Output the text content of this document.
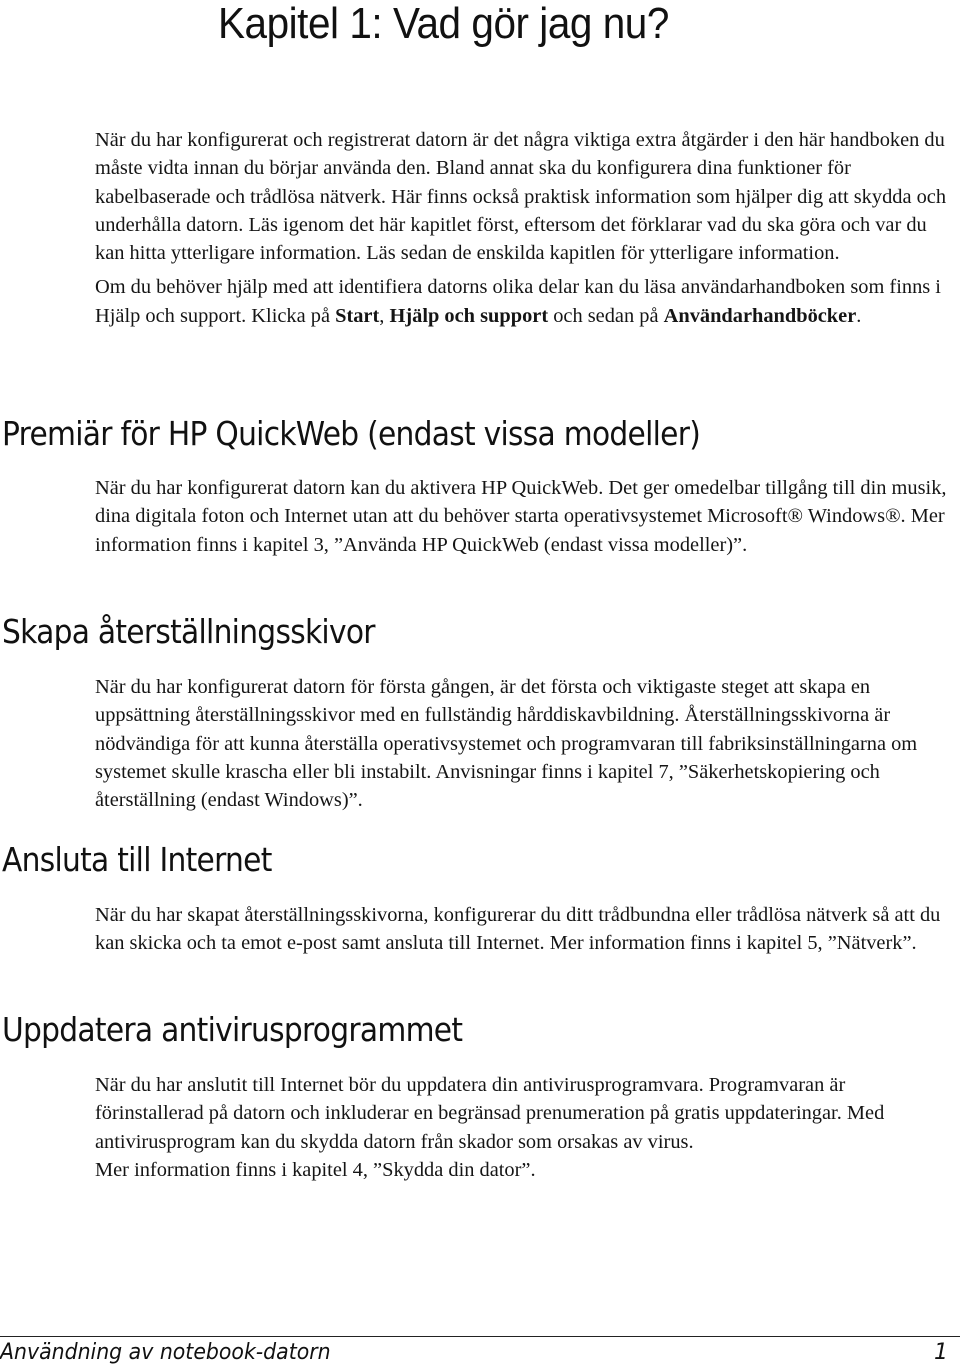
Kapitel 1: Vad gör jag nu?

När du har konfigurerat och registrerat datorn är det några viktiga extra åtgärder i den här handboken du måste vidta innan du börjar använda den. Bland annat ska du konfigurera dina funktioner för kabelbaserade och trådlösa nätverk. Här finns också praktisk information som hjälper dig att skydda och underhålla datorn. Läs igenom det här kapitlet först, eftersom det förklarar vad du ska göra och var du kan hitta ytterligare information. Läs sedan de enskilda kapitlen för ytterligare information.

Om du behöver hjälp med att identifiera datorns olika delar kan du läsa användarhandboken som finns i Hjälp och support. Klicka på Start, Hjälp och support och sedan på Användarhandböcker.

Premiär för HP QuickWeb (endast vissa modeller)

När du har konfigurerat datorn kan du aktivera HP QuickWeb. Det ger omedelbar tillgång till din musik, dina digitala foton och Internet utan att du behöver starta operativsystemet Microsoft® Windows®. Mer information finns i kapitel 3, ”Använda HP QuickWeb (endast vissa modeller)”.

Skapa återställningsskivor

När du har konfigurerat datorn för första gången, är det första och viktigaste steget att skapa en uppsättning återställningsskivor med en fullständig hårddiskavbildning. Återställningsskivorna är nödvändiga för att kunna återställa operativsystemet och programvaran till fabriksinställningarna om systemet skulle krascha eller bli instabilt. Anvisningar finns i kapitel 7, ”Säkerhetskopiering och återställning (endast Windows)”.

Ansluta till Internet

När du har skapat återställningsskivorna, konfigurerar du ditt trådbundna eller trådlösa nätverk så att du kan skicka och ta emot e-post samt ansluta till Internet. Mer information finns i kapitel 5, ”Nätverk”.

Uppdatera antivirusprogrammet

När du har anslutit till Internet bör du uppdatera din antivirusprogramvara. Programvaran är förinstallerad på datorn och inkluderar en begränsad prenumeration på gratis uppdateringar. Med antivirusprogram kan du skydda datorn från skador som orsakas av virus.

Mer information finns i kapitel 4, ”Skydda din dator”.

Användning av notebook-datorn	1
